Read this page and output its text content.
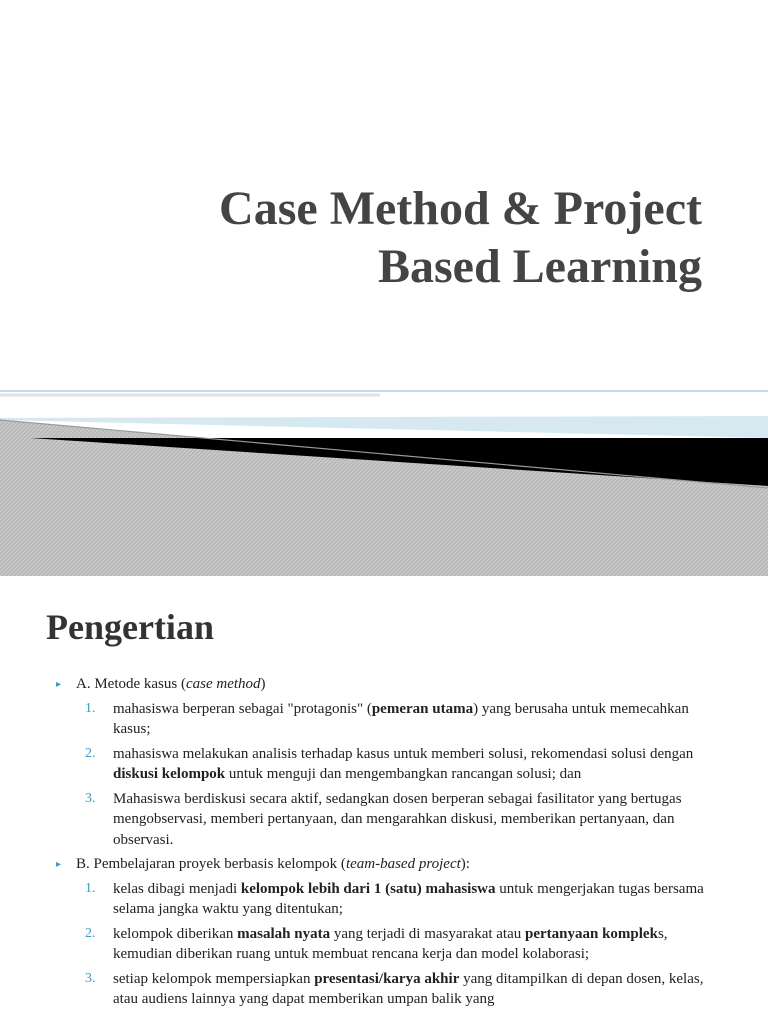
Case Method & Project
Based Learning
Pengertian
▸ A. Metode kasus (case method)
1. mahasiswa berperan sebagai "protagonis" (pemeran utama) yang berusaha untuk memecahkan kasus;
2. mahasiswa melakukan analisis terhadap kasus untuk memberi solusi, rekomendasi solusi dengan diskusi kelompok untuk menguji dan mengembangkan rancangan solusi; dan
3. Mahasiswa berdiskusi secara aktif, sedangkan dosen berperan sebagai fasilitator yang bertugas mengobservasi, memberi pertanyaan, dan mengarahkan diskusi, memberikan pertanyaan, dan observasi.
▸ B. Pembelajaran proyek berbasis kelompok (team-based project):
1. kelas dibagi menjadi kelompok lebih dari 1 (satu) mahasiswa untuk mengerjakan tugas bersama selama jangka waktu yang ditentukan;
2. kelompok diberikan masalah nyata yang terjadi di masyarakat atau pertanyaan kompleks, kemudian diberikan ruang untuk membuat rencana kerja dan model kolaborasi;
3. setiap kelompok mempersiapkan presentasi/karya akhir yang ditampilkan di depan dosen, kelas, atau audiens lainnya yang dapat memberikan umpan balik yang
